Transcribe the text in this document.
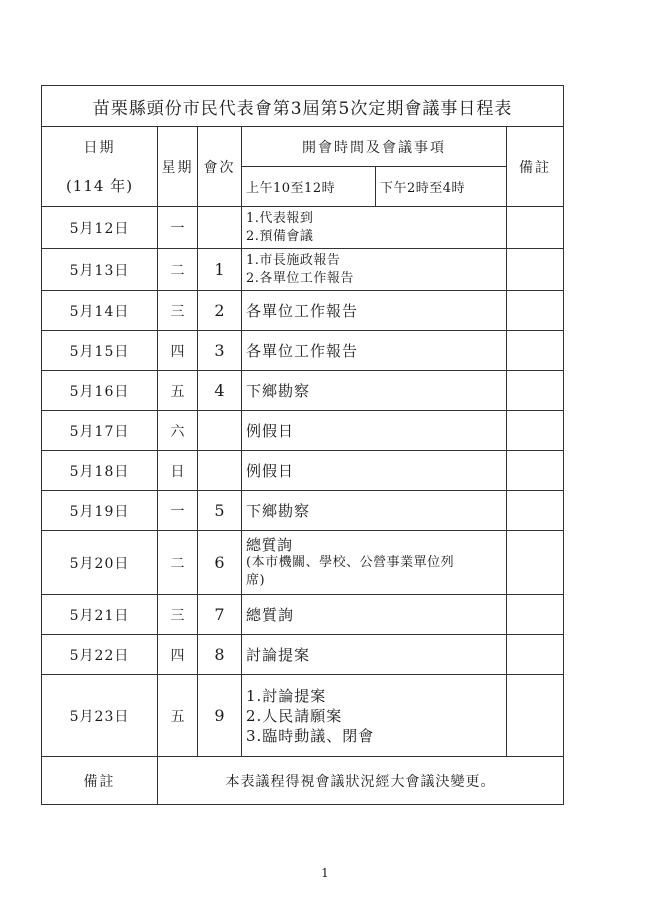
苗栗縣頭份市民代表會第3屆第5次定期會議事日程表					
日期
(114 年)	星期	會次	開會時間及會議事項		備註
			上午10至12時	下午2時至4時	
5月12日	一		1.代表報到
2.預備會議		

5月13日	二	1	1.市長施政報告
2.各單位工作報告		

5月14日	三	2	各單位工作報告		
5月15日	四	3	各單位工作報告		
5月16日	五	4	下鄉勘察		
5月17日	六		例假日		
5月18日	日		例假日		
5月19日	一	5	下鄉勘察		
5月20日	二	6	總質詢
(本市機關、學校、公營事業單位列
席)		

5月21日	三	7	總質詢		
5月22日	四	8	討論提案		
5月23日	五	9	1.討論提案
2.人民請願案
3.臨時動議、閉會		

備註	本表議程得視會議狀況經大會議決變更。				
1
